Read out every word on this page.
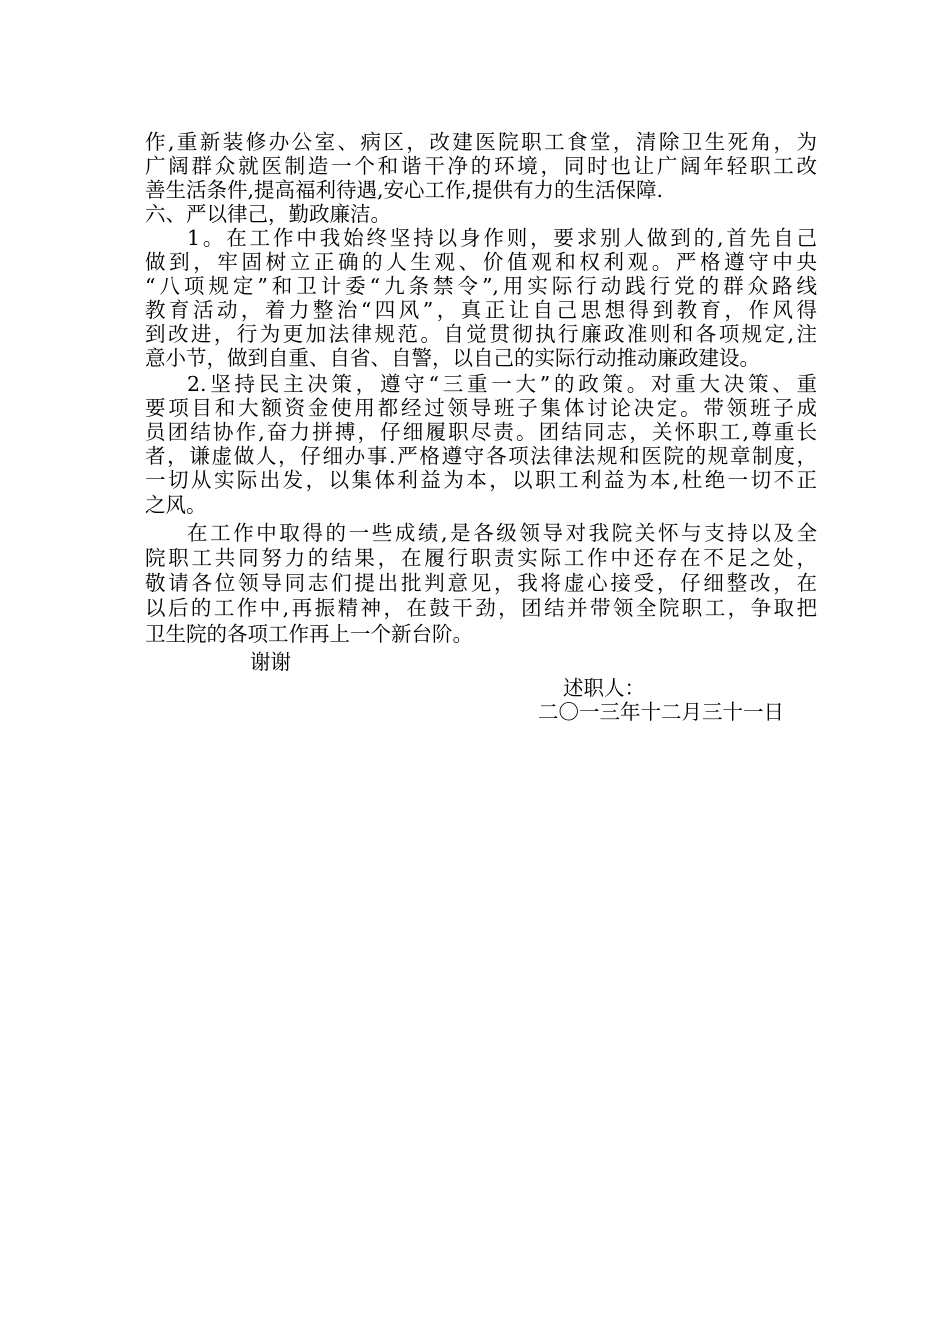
作,重新装修办公室、病区，改建医院职工食堂，清除卫生死角，为
广阔群众就医制造一个和谐干净的环境，同时也让广阔年轻职工改
善生活条件,提高福利待遇,安心工作,提供有力的生活保障.
六、严以律己，勤政廉洁。
1。在工作中我始终坚持以身作则，要求别人做到的,首先自己
做到，牢固树立正确的人生观、价值观和权利观。严格遵守中央
“八项规定”和卫计委“九条禁令”,用实际行动践行党的群众路线
教育活动，着力整治“四风”，真正让自己思想得到教育，作风得
到改进，行为更加法律规范。自觉贯彻执行廉政准则和各项规定,注
意小节，做到自重、自省、自警，以自己的实际行动推动廉政建设。
2.坚持民主决策，遵守“三重一大”的政策。对重大决策、重
要项目和大额资金使用都经过领导班子集体讨论决定。带领班子成
员团结协作,奋力拼搏，仔细履职尽责。团结同志，关怀职工,尊重长
者，谦虚做人，仔细办事.严格遵守各项法律法规和医院的规章制度，
一切从实际出发，以集体利益为本，以职工利益为本,杜绝一切不正
之风。
在工作中取得的一些成绩,是各级领导对我院关怀与支持以及全
院职工共同努力的结果，在履行职责实际工作中还存在不足之处，
敬请各位领导同志们提出批判意见，我将虚心接受，仔细整改，在
以后的工作中,再振精神，在鼓干劲，团结并带领全院职工，争取把
卫生院的各项工作再上一个新台阶。
谢谢
述职人：
二〇一三年十二月三十一日
